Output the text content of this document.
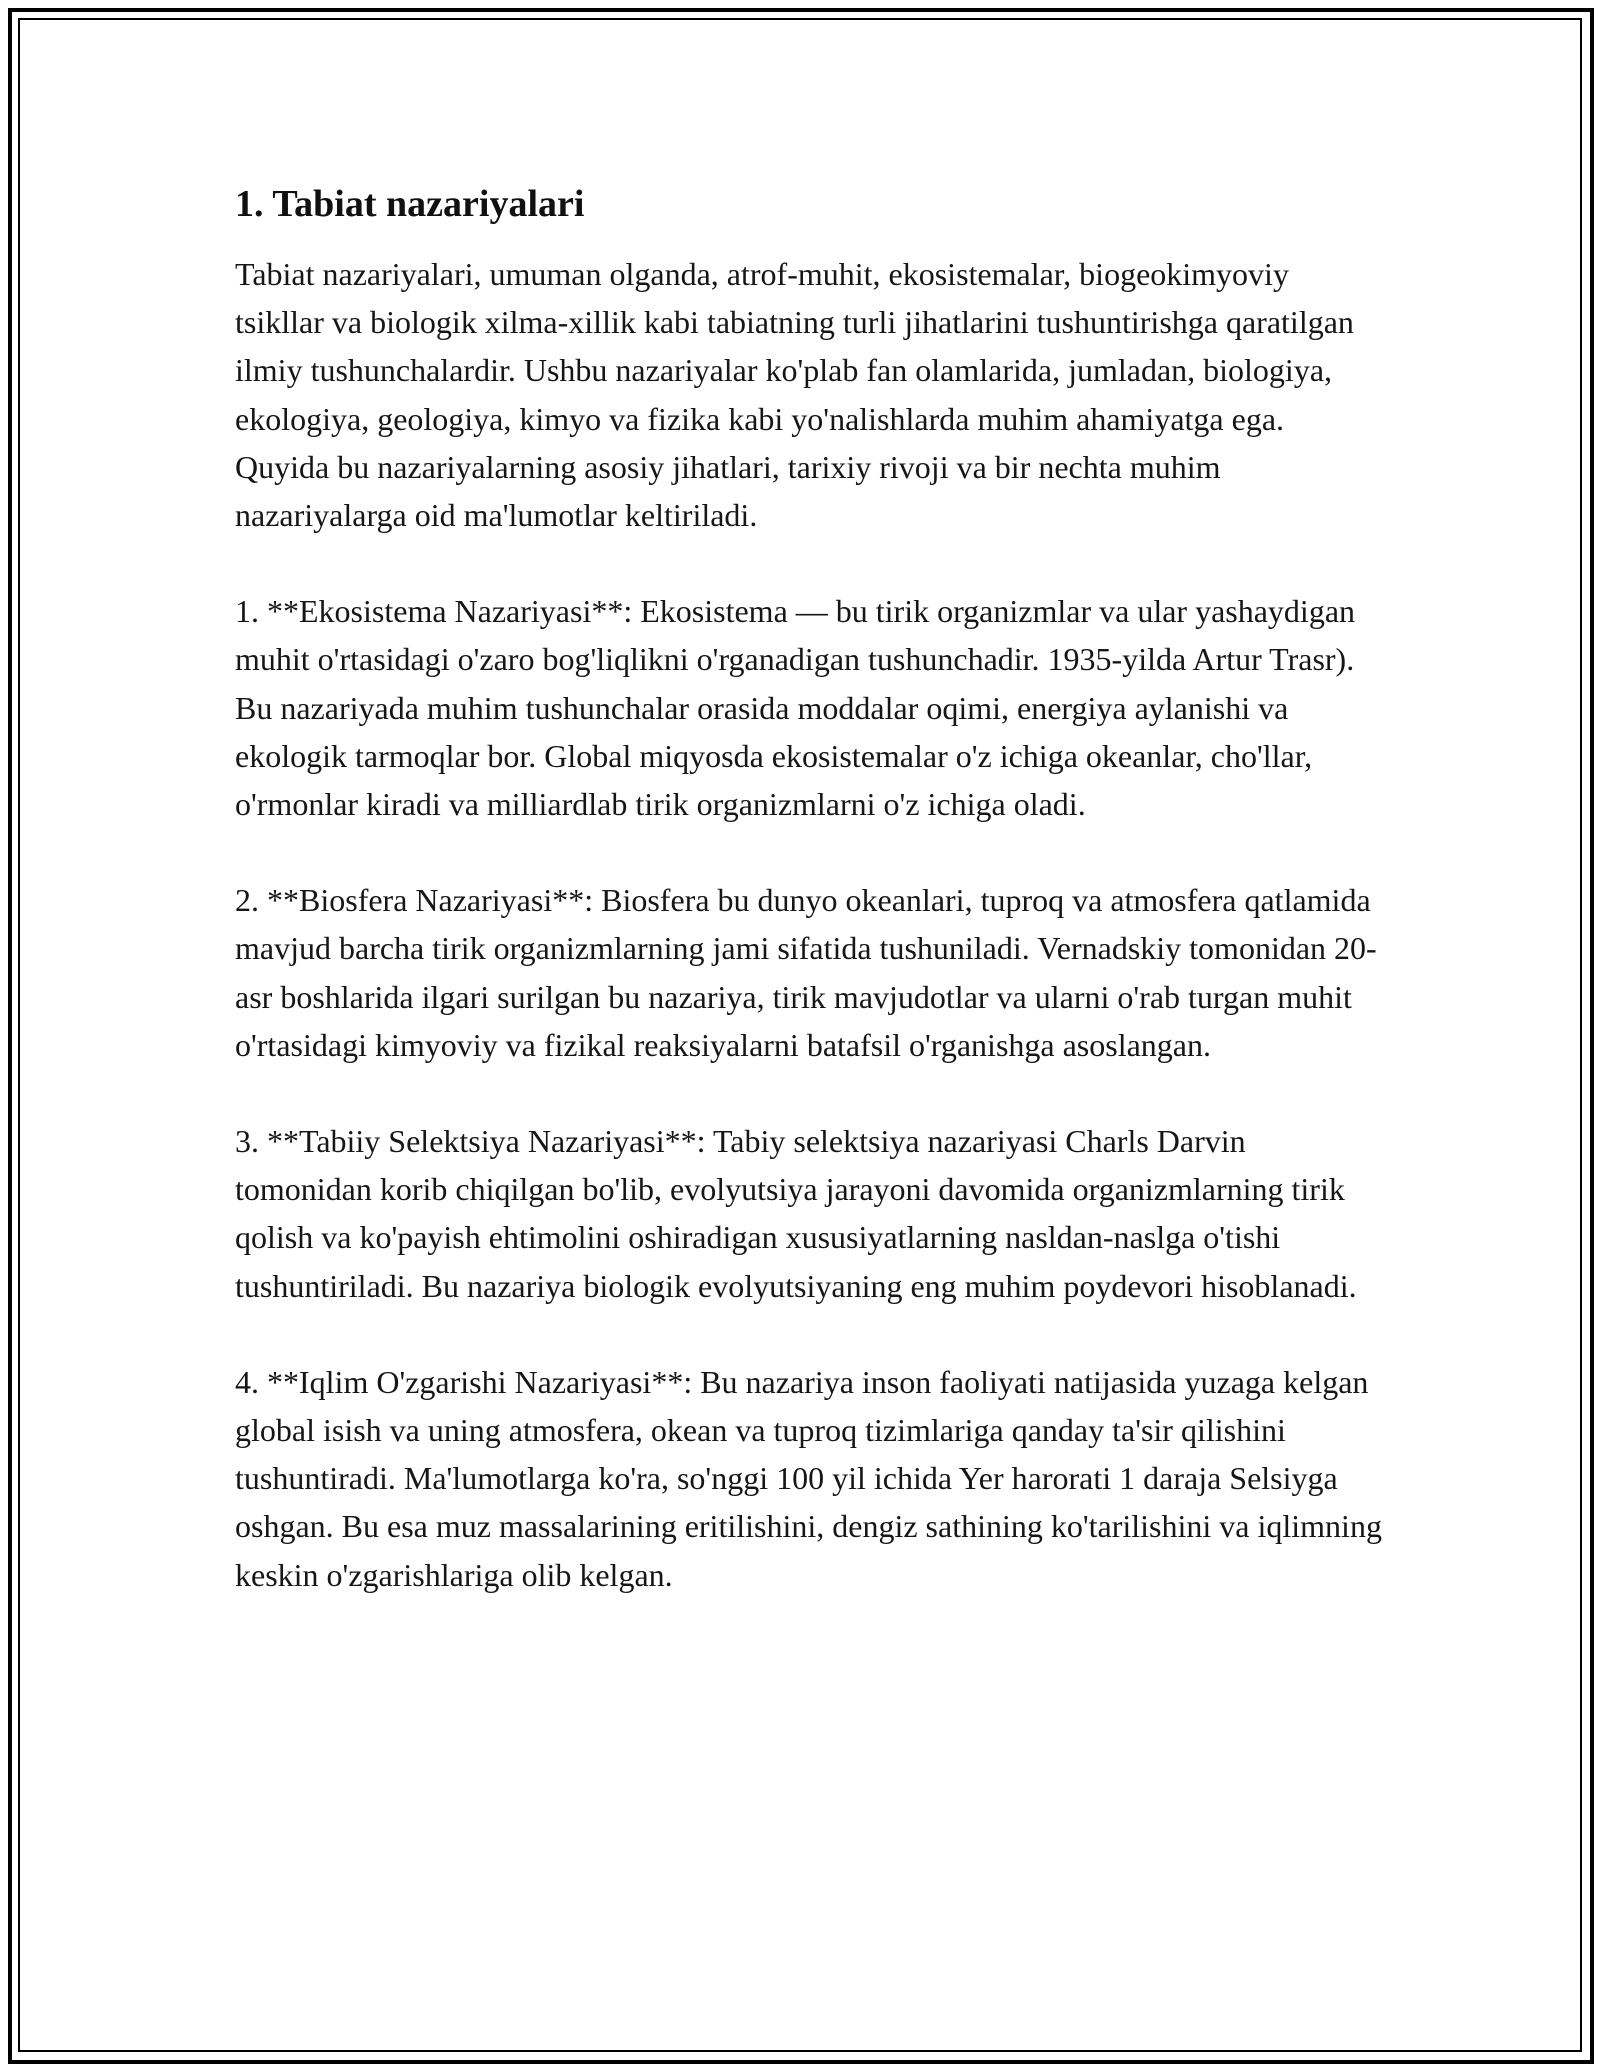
1. Tabiat nazariyalari

Tabiat nazariyalari, umuman olganda, atrof-muhit, ekosistemalar, biogeokimyoviy tsikllar va biologik xilma-xillik kabi tabiatning turli jihatlarini tushuntirishga qaratilgan ilmiy tushunchalardir. Ushbu nazariyalar ko'plab fan olamlarida, jumladan, biologiya, ekologiya, geologiya, kimyo va fizika kabi yo'nalishlarda muhim ahamiyatga ega. Quyida bu nazariyalarning asosiy jihatlari, tarixiy rivoji va bir nechta muhim nazariyalarga oid ma'lumotlar keltiriladi.

1. **Ekosistema Nazariyasi**: Ekosistema — bu tirik organizmlar va ular yashaydigan muhit o'rtasidagi o'zaro bog'liqlikni o'rganadigan tushunchadir. 1935-yilda Artur Trasr). Bu nazariyada muhim tushunchalar orasida moddalar oqimi, energiya aylanishi va ekologik tarmoqlar bor. Global miqyosda ekosistemalar o'z ichiga okeanlar, cho'llar, o'rmonlar kiradi va milliardlab tirik organizmlarni o'z ichiga oladi.

2. **Biosfera Nazariyasi**: Biosfera bu dunyo okeanlari, tuproq va atmosfera qatlamida mavjud barcha tirik organizmlarning jami sifatida tushuniladi. Vernadskiy tomonidan 20-asr boshlarida ilgari surilgan bu nazariya, tirik mavjudotlar va ularni o'rab turgan muhit o'rtasidagi kimyoviy va fizikal reaksiyalarni batafsil o'rganishga asoslangan.

3. **Tabiiy Selektsiya Nazariyasi**: Tabiy selektsiya nazariyasi Charls Darvin tomonidan korib chiqilgan bo'lib, evolyutsiya jarayoni davomida organizmlarning tirik qolish va ko'payish ehtimolini oshiradigan xususiyatlarning nasldan-naslga o'tishi tushuntiriladi. Bu nazariya biologik evolyutsiyaning eng muhim poydevori hisoblanadi.

4. **Iqlim O'zgarishi Nazariyasi**: Bu nazariya inson faoliyati natijasida yuzaga kelgan global isish va uning atmosfera, okean va tuproq tizimlariga qanday ta'sir qilishini tushuntiradi. Ma'lumotlarga ko'ra, so'nggi 100 yil ichida Yer harorati 1 daraja Selsiyga oshgan. Bu esa muz massalarining eritilishini, dengiz sathining ko'tarilishini va iqlimning keskin o'zgarishlariga olib kelgan.
